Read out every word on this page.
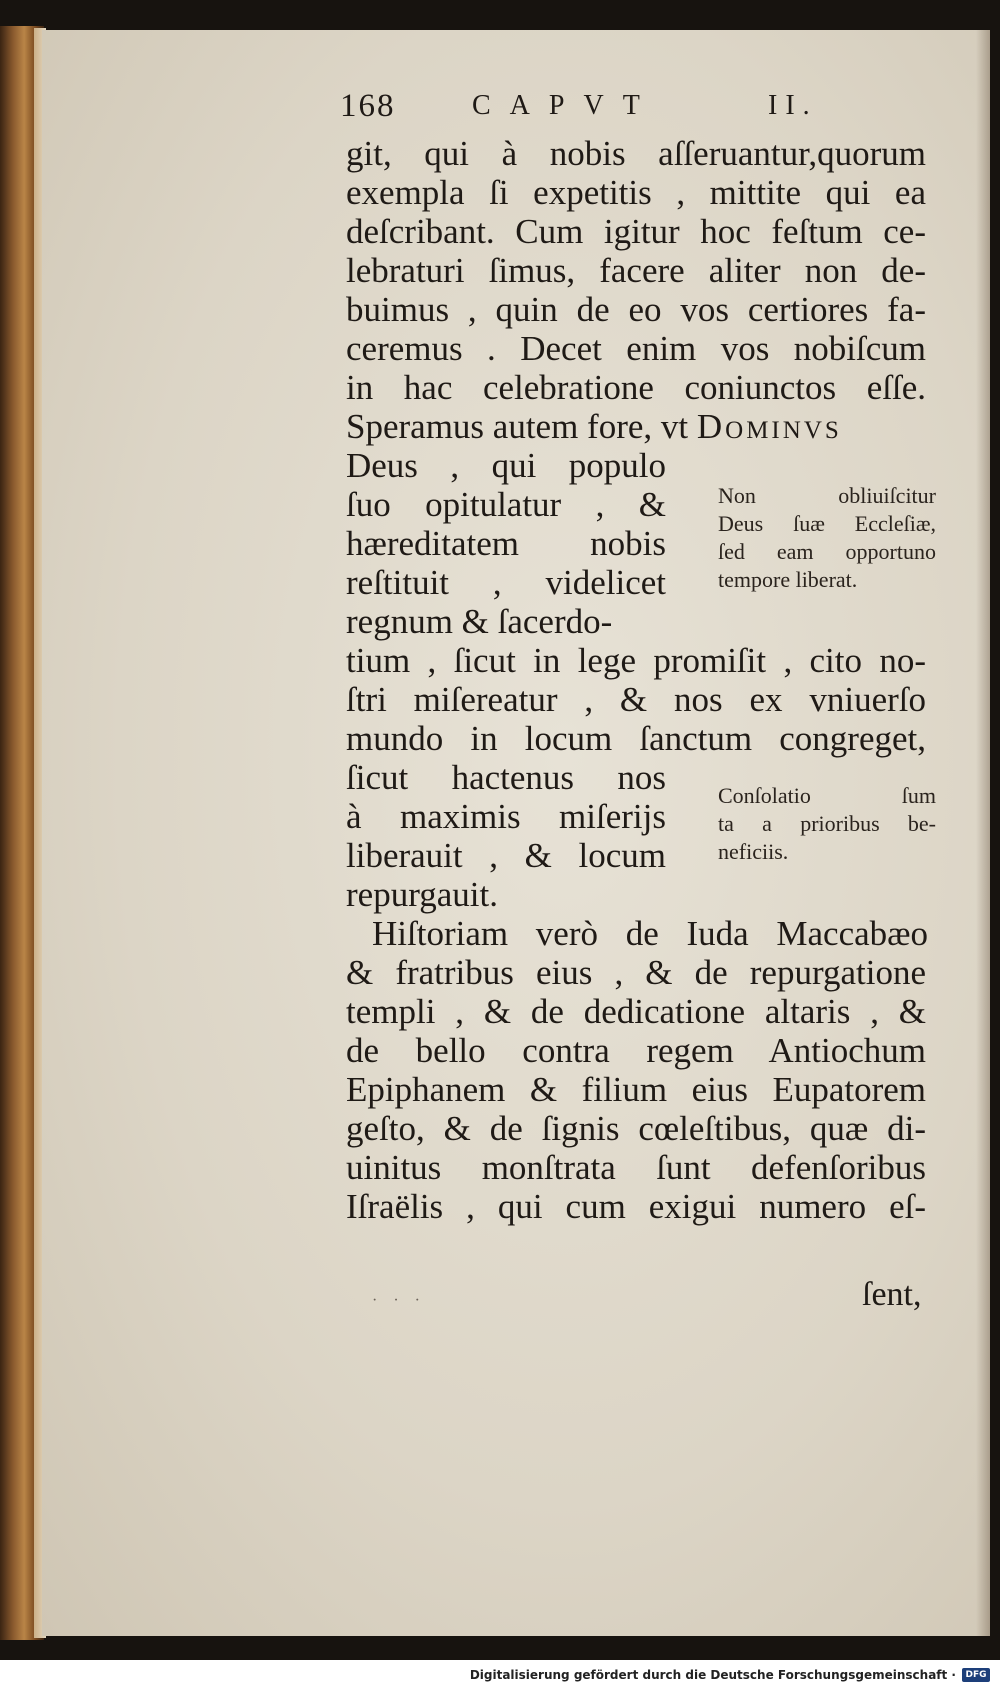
168	CAPVT	II.
git, qui à nobis aſſeruantur,quorum
exempla ſi expetitis , mittite qui ea
deſcribant. Cum igitur hoc feſtum ce-
lebraturi ſimus, facere aliter non de-
buimus , quin de eo vos certiores fa-
ceremus . Decet enim vos nobiſcum
in hac celebratione coniunctos eſſe.
Speramus autem fore, vt Dominvs
Deus , qui populo
ſuo opitulatur , &
hæreditatem nobis
reſtituit , videlicet
regnum & ſacerdo-
Non obliuiſcitur
Deus ſuæ Eccleſiæ,
ſed eam opportuno
tempore liberat.
tium , ſicut in lege promiſit , cito no-
ſtri miſereatur , & nos ex vniuerſo
mundo in locum ſanctum congreget,
ſicut hactenus nos
à maximis miſerijs
liberauit , & locum
repurgauit.
Conſolatio ſum
ta a prioribus be-
neficiis.
Hiſtoriam verò de Iuda Maccabæo
& fratribus eius , & de repurgatione
templi , & de dedicatione altaris , &
de bello contra regem Antiochum
Epiphanem & filium eius Eupatorem
geſto, & de ſignis cœleſtibus, quæ di-
uinitus monſtrata ſunt defenſoribus
Iſraëlis , qui cum exigui numero eſ-
· · ·	ſent,
Digitalisierung gefördert durch die Deutsche Forschungsgemeinschaft ·	DFG
